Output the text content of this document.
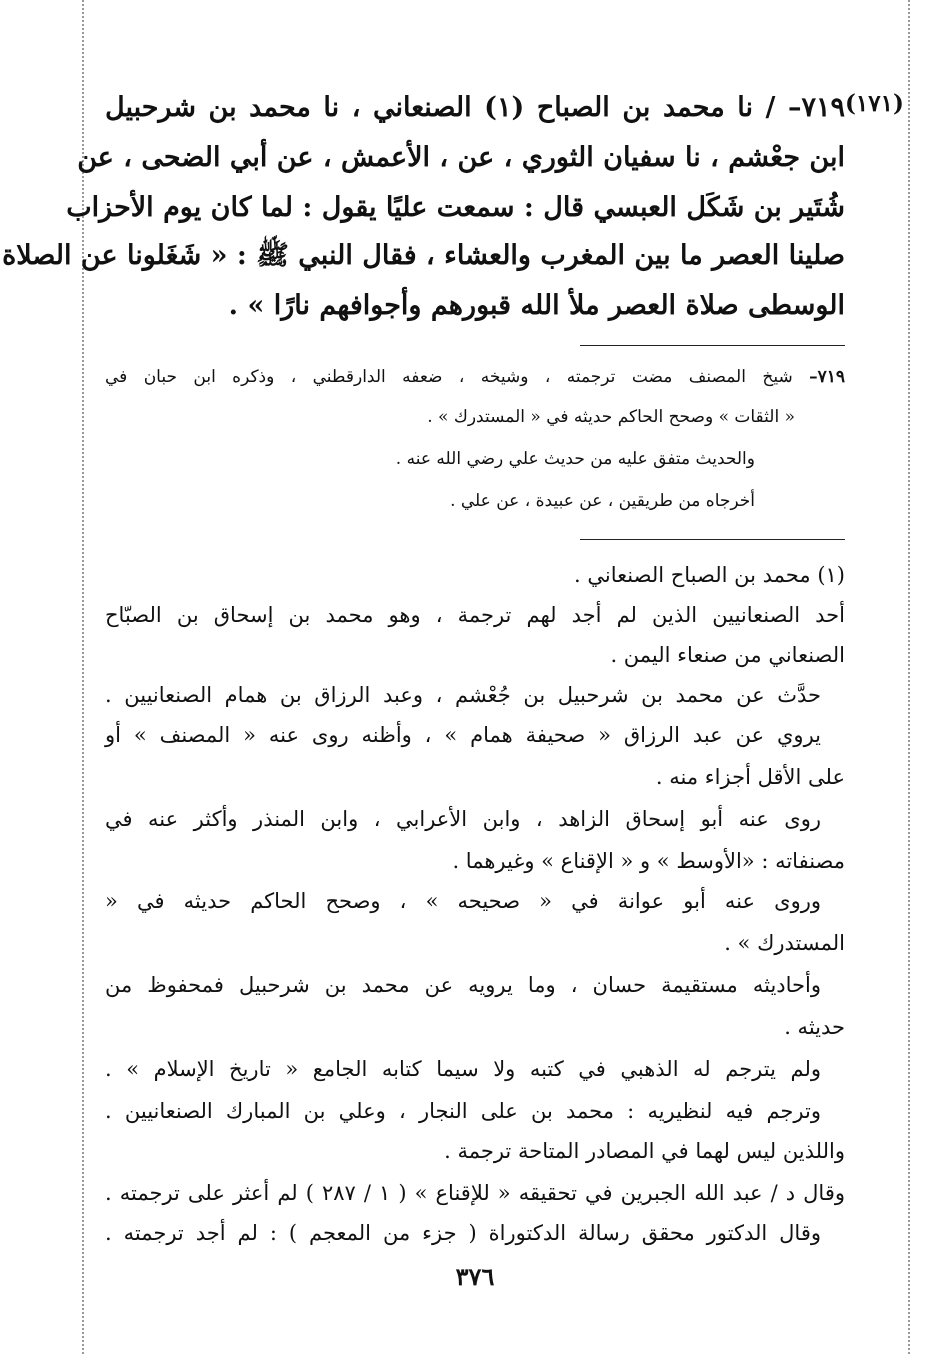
(١٧١)
٧١٩– / نا محمد بن الصباح (١) الصنعاني ، نا محمد بن شرحبيل
ابن جعْشم ، نا سفيان الثوري ، عن ، الأعمش ، عن أبي الضحى ، عن
شُتَير بن شَكَل العبسي قال : سمعت عليًا يقول : لما كان يوم الأحزاب
صلينا العصر ما بين المغرب والعشاء ، فقال النبي ﷺ : « شَغَلونا عن الصلاة
الوسطى صلاة العصر ملأ الله قبورهم وأجوافهم نارًا » .
٧١٩– شيخ المصنف مضت ترجمته ، وشيخه ، ضعفه الدارقطني ، وذكره ابن حبان في
« الثقات » وصحح الحاكم حديثه في « المستدرك » .
والحديث متفق عليه من حديث علي رضي الله عنه .
أخرجاه من طريقين ، عن عبيدة ، عن علي .
(١) محمد بن الصباح الصنعاني .
أحد الصنعانيين الذين لم أجد لهم ترجمة ، وهو محمد بن إسحاق بن الصبّاح
الصنعاني من صنعاء اليمن .
حدَّث عن محمد بن شرحبيل بن جُعْشم ، وعبد الرزاق بن همام الصنعانيين .
يروي عن عبد الرزاق « صحيفة همام » ، وأظنه روى عنه « المصنف » أو
على الأقل أجزاء منه .
روى عنه أبو إسحاق الزاهد ، وابن الأعرابي ، وابن المنذر وأكثر عنه في
مصنفاته : «الأوسط » و « الإقناع » وغيرهما .
وروى عنه أبو عوانة في « صحيحه » ، وصحح الحاكم حديثه في «
المستدرك » .
وأحاديثه مستقيمة حسان ، وما يرويه عن محمد بن شرحبيل فمحفوظ من
حديثه .
ولم يترجم له الذهبي في كتبه ولا سيما كتابه الجامع « تاريخ الإسلام » .
وترجم فيه لنظيريه : محمد بن على النجار ، وعلي بن المبارك الصنعانيين .
واللذين ليس لهما في المصادر المتاحة ترجمة .
وقال د / عبد الله الجبرين في تحقيقه « للإقناع » ( ١ / ٢٨٧ ) لم أعثر على ترجمته .
وقال الدكتور محقق رسالة الدكتوراة ( جزء من المعجم ) : لم أجد ترجمته .
٣٧٦
